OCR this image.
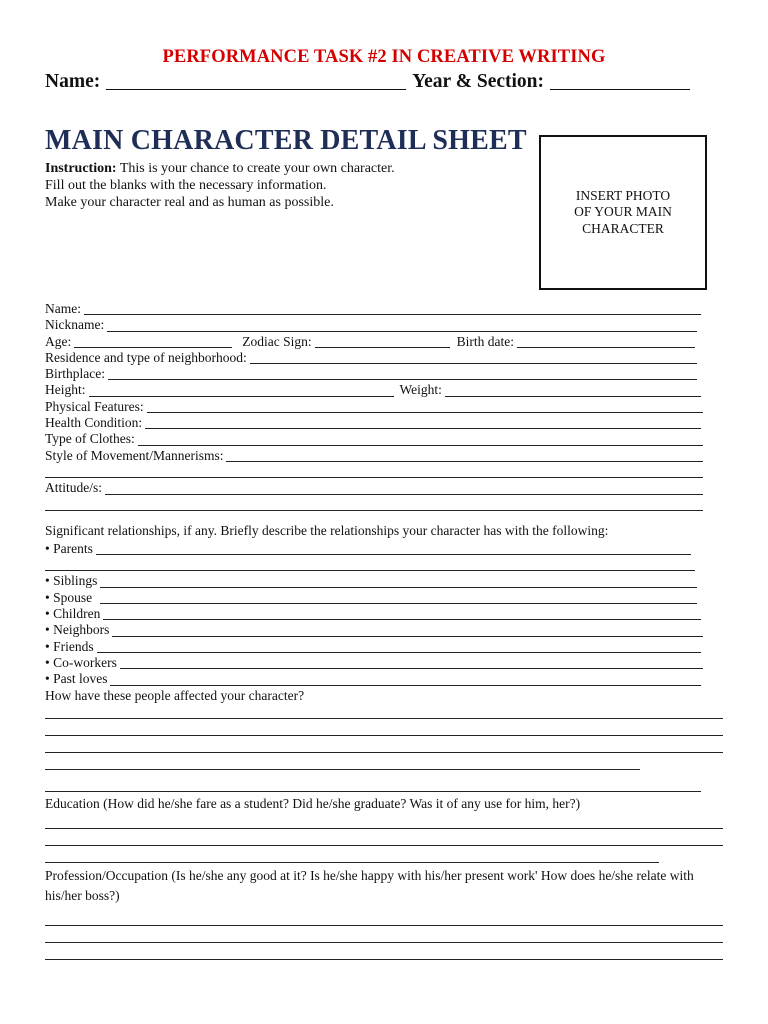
PERFORMANCE TASK #2 IN CREATIVE WRITING
Name:	Year & Section:
MAIN CHARACTER DETAIL SHEET
Instruction: This is your chance to create your own character.
Fill out the blanks with the necessary information.
Make your character real and as human as possible.	INSERT PHOTO OF YOUR MAIN CHARACTER
Name:
Nickname:
Age:	Zodiac Sign:	Birth date:
Residence and type of neighborhood:
Birthplace:
Height:	Weight:
Physical Features:
Health Condition:
Type of Clothes:
Style of Movement/Mannerisms:
Attitude/s:
Significant relationships, if any. Briefly describe the relationships your character has with the following:
• Parents
• Siblings
• Spouse
• Children
• Neighbors
• Friends
• Co-workers
• Past loves
How have these people affected your character?
Education (How did he/she fare as a student? Did he/she graduate? Was it of any use for him, her?)
Profession/Occupation (Is he/she any good at it? Is he/she happy with his/her present work' How does he/she relate with
his/her boss?)
